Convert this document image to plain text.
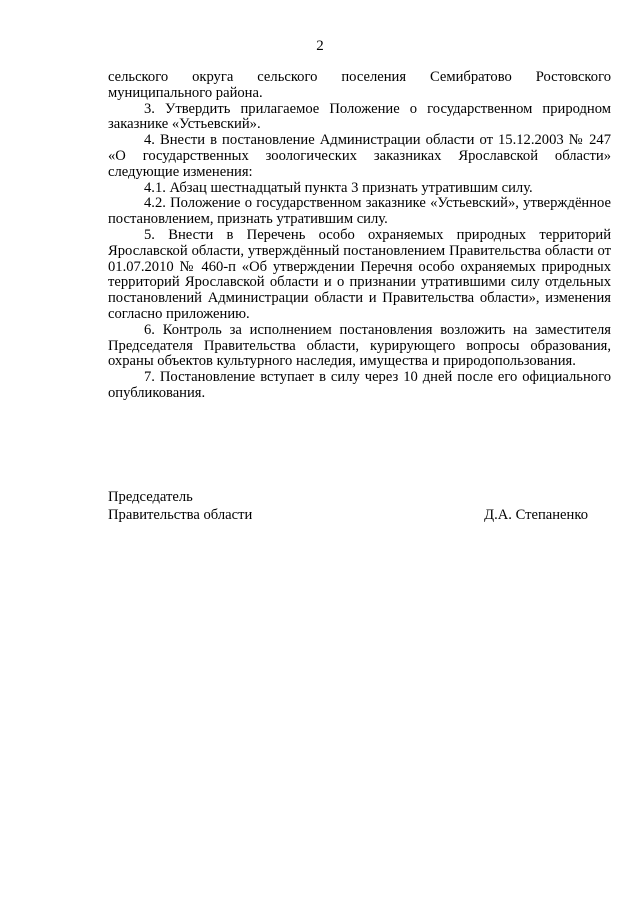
2

сельского округа сельского поселения Семибратово Ростовского муниципального района.

3. Утвердить прилагаемое Положение о государственном природном заказнике «Устьевский».

4. Внести в постановление Администрации области от 15.12.2003 № 247 «О государственных зоологических заказниках Ярославской области» следующие изменения:

4.1. Абзац шестнадцатый пункта 3 признать утратившим силу.

4.2. Положение о государственном заказнике «Устьевский», утверждённое постановлением, признать утратившим силу.

5. Внести в Перечень особо охраняемых природных территорий Ярославской области, утверждённый постановлением Правительства области от 01.07.2010 № 460-п «Об утверждении Перечня особо охраняемых природных территорий Ярославской области и о признании утратившими силу отдельных постановлений Администрации области и Правительства области», изменения согласно приложению.

6. Контроль за исполнением постановления возложить на заместителя Председателя Правительства области, курирующего вопросы образования, охраны объектов культурного наследия, имущества и природопользования.

7. Постановление вступает в силу через 10 дней после его официального опубликования.

Председатель
Правительства области	Д.А. Степаненко
